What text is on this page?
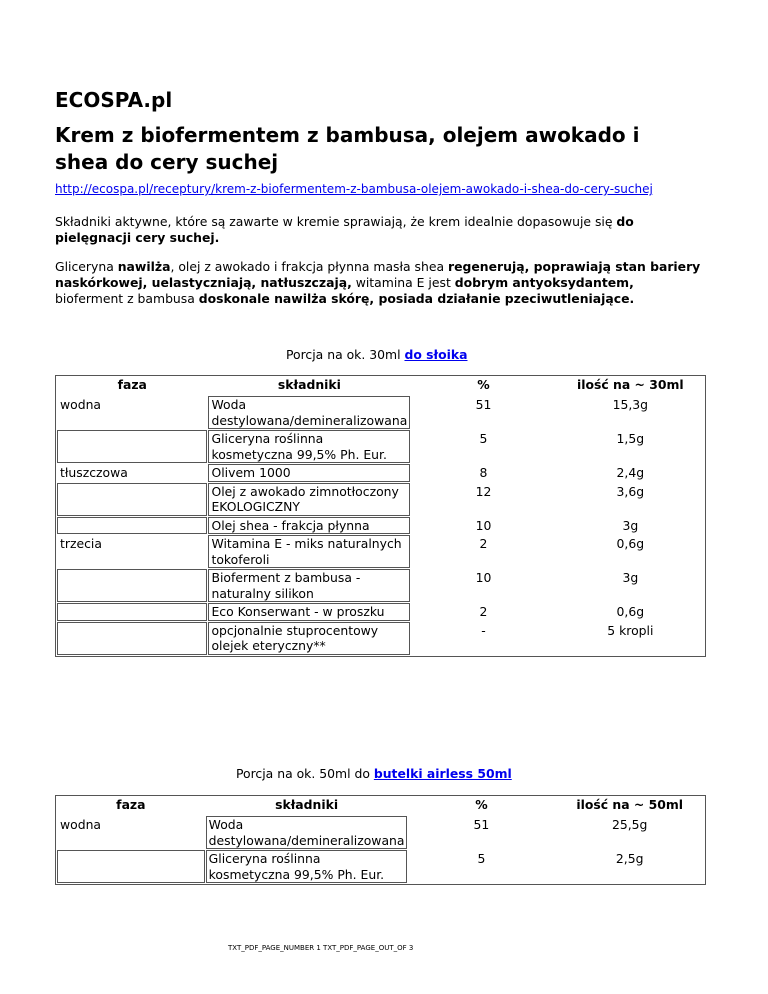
ECOSPA.pl
Krem z biofermentem z bambusa, olejem awokado i shea do cery suchej
http://ecospa.pl/receptury/krem-z-biofermentem-z-bambusa-olejem-awokado-i-shea-do-cery-suchej

Składniki aktywne, które są zawarte w kremie sprawiają, że krem idealnie dopasowuje się do pielęgnacji cery suchej.

Gliceryna nawilża, olej z awokado i frakcja płynna masła shea regenerują, poprawiają stan bariery naskórkowej, uelastyczniają, natłuszczają, witamina E jest dobrym antyoksydantem, bioferment z bambusa doskonale nawilża skórę, posiada działanie pzeciwutleniające.

Porcja na ok. 30ml do słoika
faza	składniki	%	ilość na ~ 30ml
wodna	Woda destylowana/demineralizowana	51	15,3g
	Gliceryna roślinna kosmetyczna 99,5% Ph. Eur.	5	1,5g
tłuszczowa	Olivem 1000	8	2,4g
	Olej z awokado zimnotłoczony EKOLOGICZNY	12	3,6g
	Olej shea - frakcja płynna	10	3g
trzecia	Witamina E - miks naturalnych tokoferoli	2	0,6g
	Bioferment z bambusa - naturalny silikon	10	3g
	Eco Konserwant - w proszku	2	0,6g
	opcjonalnie stuprocentowy olejek eteryczny**	-	5 kropli
Porcja na ok. 50ml do butelki airless 50ml
faza	składniki	%	ilość na ~ 50ml
wodna	Woda destylowana/demineralizowana	51	25,5g
	Gliceryna roślinna kosmetyczna 99,5% Ph. Eur.	5	2,5g
TXT_PDF_PAGE_NUMBER 1 TXT_PDF_PAGE_OUT_OF 3
